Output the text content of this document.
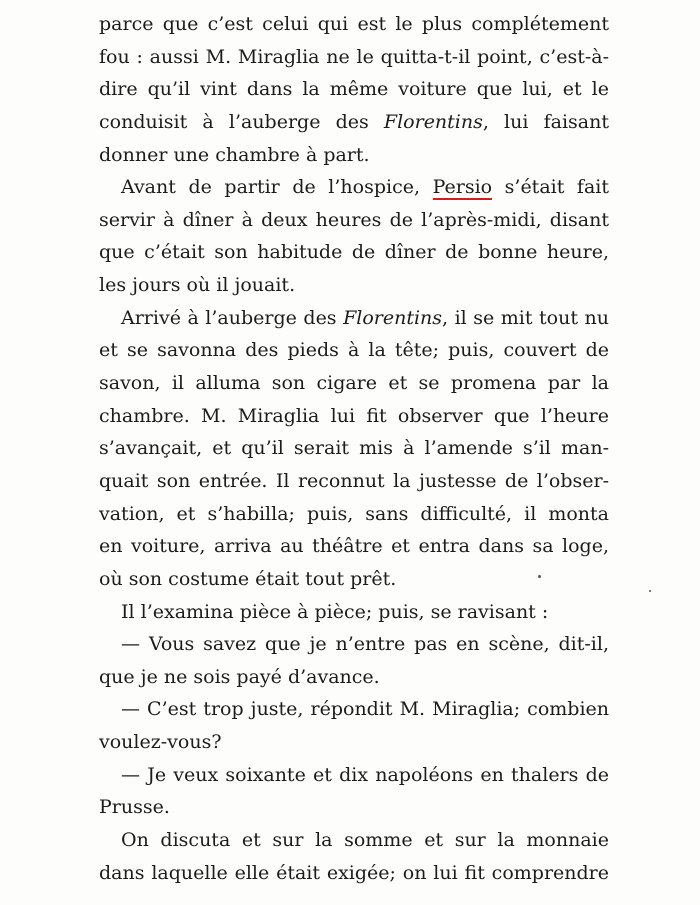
parce que c’est celui qui est le plus complétement
fou : aussi M. Miraglia ne le quitta-t-il point, c’est-à-
dire qu’il vint dans la même voiture que lui, et le
conduisit à l’auberge des Florentins, lui faisant
donner une chambre à part.
Avant de partir de l’hospice, Persio s’était fait
servir à dîner à deux heures de l’après-midi, disant
que c’était son habitude de dîner de bonne heure,
les jours où il jouait.
Arrivé à l’auberge des Florentins, il se mit tout nu
et se savonna des pieds à la tête; puis, couvert de
savon, il alluma son cigare et se promena par la
chambre. M. Miraglia lui fit observer que l’heure
s’avançait, et qu’il serait mis à l’amende s’il man-
quait son entrée. Il reconnut la justesse de l’obser-
vation, et s’habilla; puis, sans difficulté, il monta
en voiture, arriva au théâtre et entra dans sa loge,
où son costume était tout prêt.
Il l’examina pièce à pièce; puis, se ravisant :
— Vous savez que je n’entre pas en scène, dit-il,
que je ne sois payé d’avance.
— C’est trop juste, répondit M. Miraglia; combien
voulez-vous?
— Je veux soixante et dix napoléons en thalers de
Prusse.
On discuta et sur la somme et sur la monnaie
dans laquelle elle était exigée; on lui fit comprendre
